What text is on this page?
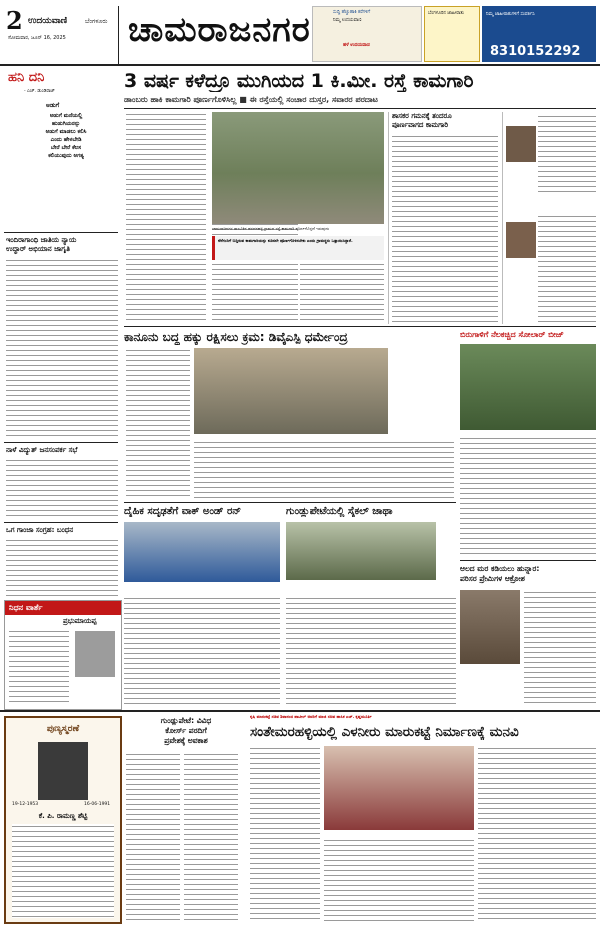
2 ಉದಯವಾಣಿ	ಬೆಂಗಳೂರು
ಸೋಮವಾರ, ಜೂನ್ 16, 2025 ಚಾಮರಾಜನಗರ	ಸುದ್ದಿ ಹೆಚ್ಚುಹಾಕಿ ಕರೆಗಳಿಗೆ
ನಿಮ್ಮ ಉದಯವಾಣಿ
ಹಳೆ ಉದಯವಾಣಿ
ಬೆಂಗಳೂರಿನ ಜಾಹೀರಾತು	ನಿಮ್ಮ ಜಾಹೀರಾತುಗಳಿಗೆ ಸಂಪರ್ಕಿಸಿ
8310152292
ಹನಿ ದನಿ
- ಎಚ್. ಡುಂಡಿರಾಜ್
ಅಡುಗೆ
ಅಡುಗೆ ಮನೆಯಲ್ಲಿ
ಹುಡುಗಿಯರನ್ನು
ಅಡುಗೆ ಮಾಡಲು ಕಲಿಸಿ
ಎಂದು ಹೇಳಬೇಡಿ
ಬೇರೆ ಬೇರೆ ಕೆಲಸ
ಕಲಿಯುವುದು ಅಗತ್ಯ
ಇಂದಿರಾಗಾಂಧಿ ಜಾತಿಯ ನ್ಯಾಯ
ಉದ್ಧಾರ್ ಅಭಿಯಾನ ಜಾಗೃತಿ
ನಾಳೆ ವಿದ್ಯುತ್ ಜನಸಂಪರ್ಕ ಸಭೆ
ಒಗ ಗಾಂಜಾ ಸಂಗ್ರಹ: ಬಂಧನ
ನಿಧನ ವಾರ್ತೆ
ಪ್ರಭುಮಾಯಪ್ಪ
3 ವರ್ಷ ಕಳೆದ್ರೂ ಮುಗಿಯದ 1 ಕಿ.ಮೀ. ರಸ್ತೆ ಕಾಮಗಾರಿ
ಡಾಂಬರು ಹಾಕಿ ಕಾಮಗಾರಿ ಪೂರ್ಣಗೊಳಿಸಿಲ್ಲ ■ ಈ ರಸ್ತೆಯಲ್ಲಿ ಸಂಚಾರ ದುಸ್ತರ, ಸವಾರರ ಪರದಾಟ
ಚಾಮರಾಜನಗರ ತಾಲೂಕಿನ ಹರದನಹಳ್ಳಿ ಗ್ರಾಮದ ರಸ್ತೆ ಕಾಮಗಾರಿ ಪೂರ್ಣಗೊಳ್ಳದೆ ಇರುವುದು
ನೆನೆಗುದಿಗೆ ಬಿದ್ದಿರುವ ಕಾಮಗಾರಿಯನ್ನು ಕೂಡಲೇ ಪೂರ್ಣಗೊಳಿಸಬೇಕು ಎಂದು ಗ್ರಾಮಸ್ಥರು ಒತ್ತಾಯಿಸಿದ್ದಾರೆ.
ಶಾಸಕರ ಗಮನಕ್ಕೆ ತಂದರೂ
ಪೂರ್ಣವಾಗದ ಕಾಮಗಾರಿ
ಕಾನೂನು ಬದ್ಧ ಹಕ್ಕು ರಕ್ಷಿಸಲು ಕ್ರಮ: ಡಿವೈಎಸ್ಪಿ ಧರ್ಮೇಂದ್ರ	ಬಿರುಗಾಳಿಗೆ ನೆಲಕಚ್ಚಿದ ಸೋಲಾರ್ ಬೀಜ್
ದೈಹಿಕ ಸದೃಢತೆಗೆ ವಾಕ್ ಅಂಡ್ ರನ್	ಗುಂಡ್ಲುಪೇಟೆಯಲ್ಲಿ ಸೈಕಲ್ ಜಾಥಾ
ಆಲದ ಮರ ಕಡಿಯಲು ಹುನ್ನಾರ:
ಪರಿಸರ ಪ್ರೇಮಿಗಳ ಆಕ್ರೋಶ
ಪುಣ್ಯಸ್ಮರಣೆ
19-12-1953	16-06-1991
ಕೆ. ಪಿ. ರಾಮಣ್ಣ ಶೆಟ್ಟಿ
ಗುಂಡ್ಲುಪೇಟೆ: ವಿವಿಧ
ಕೋರ್ಸ್ ಪರದಿಗೆ
ಪ್ರವೇಶಕ್ಕೆ ಅವಕಾಶ
ಕೃಷಿ ಮಾರುಕಟ್ಟೆ ಸಚಿವ ಶಿವಾನಂದ ಪಾಟೀಲ್ ಅವರಿಗೆ ಮಾಜಿ ಸಚಿವ ಹಾಸಿಕ ಎಚ್. ಕೃಷ್ಣಮೂರ್ತಿ
ಸಂತೇಮರಹಳ್ಳಿಯಲ್ಲಿ ಎಳನೀರು ಮಾರುಕಟ್ಟೆ ನಿರ್ಮಾಣಕ್ಕೆ ಮನವಿ
